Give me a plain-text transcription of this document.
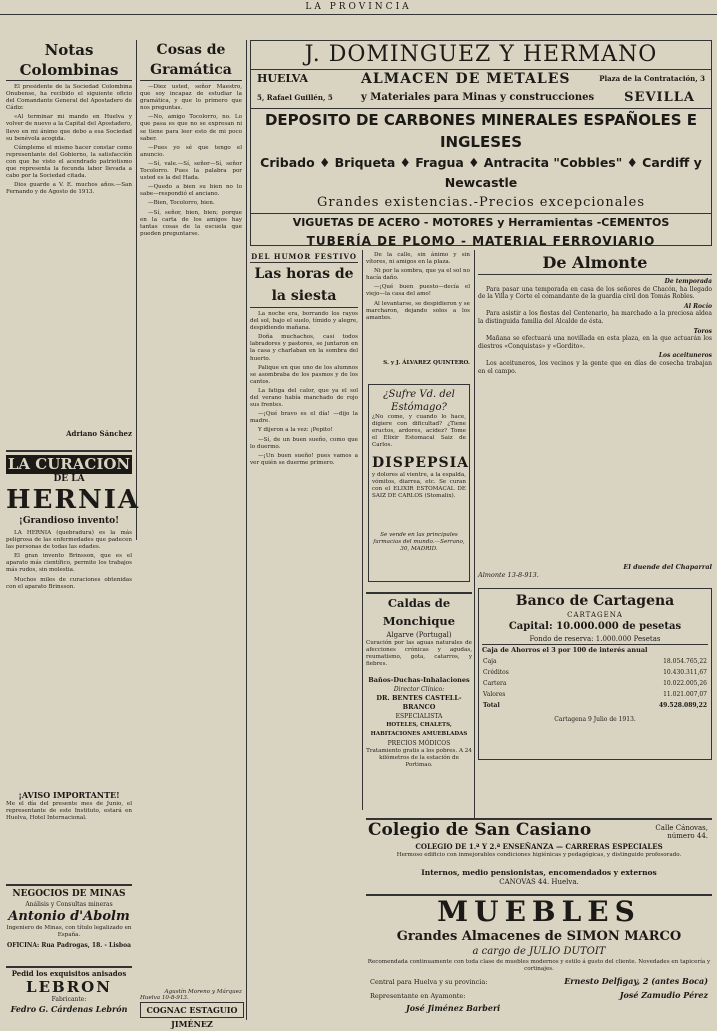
LA PROVINCIA
Notas Colombinas

El presidente de la Sociedad Colombina Onubense, ha recibido el siguiente oficio del Comandante General del Apostadero de Cádiz:

«Al terminar mi mando en Huelva y volver de nuevo a la Capital del Apostadero, llevo en mi ánimo que debo a esa Sociedad su benévola acogida.

Cúmpleme el mismo hacer constar como representante del Gobierno, la satisfacción con que he visto el acendrado patriotismo que representa la fecunda labor llevada a cabo por la Sociedad citada.

Dios guarde a V. E. muchos años.—San Fernando y de Agosto de 1913.

Adriano Sánchez
Cosas de Gramática

—Diez usted, señor Maestro, que soy incapaz de estudiar la gramática, y que lo primero que nos preguntas.

—No, amigo Tocolorro, no. Lo que pasa es que no se expresan ni se tiene para leer esto de mi poco saber.

—Pues yo sé que tengo el anuncio.

—Sí, vale.—Sí, señor—Sí, señor Tocolorro. Pues la palabra por usted es la del Hada.

—Quedo a bien su bien no lo sabe—respondió el anciano.

—Bien, Tocolorro, bien.

—Sí, señor, bien, bien; porque en la carta de los amigos hay tantas cosas de la escuela que pueden preguntarse.

Agustín Moreno y Márquez
Huelva 10-8-913.
COGNAC ESTAGUIO JIMÉNEZ
LA CURACION
DE LA
HERNIA
¡Grandioso invento!

LA HERNIA (quebradura) es la más peligrosa de las enfermedades que padecen las personas de todas las edades.

El gran invento Brinsson, que es el aparato más científico, permite los trabajos más rudos, sin molestia.

Muchos miles de curaciones obtenidas con el aparato Brinsson.

¡AVISO IMPORTANTE!
Me el día del presente mes de Junio, el representante de este Instituto, estará en Huelva, Hotel Internacional.
NEGOCIOS DE MINAS
Análisis y Consultas mineras
Antonio d'Abolm
Ingeniero de Minas, con título legalizado en España.
OFICINA: Rua Padrogas, 18. - Lisboa
Pedid los exquisitos anisados
LEBRON
Fabricante:
Fedro G. Cárdenas Lebrón
J. DOMINGUEZ Y HERMANO
HUELVA	ALMACEN DE METALES	Plaza de la Contratación, 3
5, Rafael Guillén, 5	y Materiales para Minas y construcciones SEVILLA
DEPOSITO DE CARBONES MINERALES ESPAÑOLES E INGLESES
Cribado ♦ Briqueta ♦ Fragua ♦ Antracita "Cobbles" ♦ Cardiff y Newcastle
Grandes existencias.-Precios excepcionales
VIGUETAS DE ACERO - MOTORES y Herramientas -CEMENTOS
TUBERÍA DE PLOMO - MATERIAL FERROVIARIO
DEL HUMOR FESTIVO
Las horas de la siesta

La noche era, borrando los rayos del sol, bajo el suelo, tímido y alegre, despidiendo mañana.

Doña muchachos, casi todos labradores y pastores, se juntaron en la casa y charlaban en la sombra del huerto.

Palique en que uno de los alumnos se asombraba de los pasmos y de los cantos.

La fatiga del calor, que ya el sol del verano había manchado de rojo sus frentes.

—¡Qué bravo es el día! —dijo la madre.

Y dijeron a la vez: ¡Pepito!

—Sí, de un buen sueño, como que lo duermo.

—¡Un buen sueño! pues vamos a ver quién se duerme primero.

De la calle, sin ánimo y sin vítores, ni amigos en la plaza.

Ni por la sombra, que ya el sol no hacía daño.

—¡Qué buen puesto—decía el viejo—la casa del amo!

Al levantarse, se despidieron y se marcharon, dejando solos a los amantes.

S. y J. ÁLVAREZ QUINTERO.
¿Sufre Vd. del Estómago?
¿No come, y cuando lo hace, digiere con dificultad? ¿Tiene eructos, ardores, acidez? Tome el Elixir Estomacal Saiz de Carlos.
DISPEPSIA
y dolores al vientre, a la espalda, vómitos, diarrea, etc. Se curan con el ELIXIR ESTOMACAL DE SAIZ DE CARLOS (Stomalix).
Se vende en las principales farmacias del mundo.—Serrano, 30, MADRID.
Caldas de Monchique
Algarve (Portugal)
Curación por las aguas naturales de afecciones crónicas y agudas, reumatismo, gota, catarros, y fiebres.
Baños-Duchas-Inhalaciones
Director Clínico:
DR. BENTES CASTELL-BRANCO
ESPECIALISTA
HOTELES, CHALETS, HABITACIONES AMUEBLADAS
PRECIOS MÓDICOS
Tratamiento gratis a los pobres. A 24 kilómetros de la estación de Portimao.
De Almonte
De temporada

Para pasar una temporada en casa de los señores de Chacón, ha llegado de la Villa y Corte el comandante de la guardia civil don Tomás Robles.

Al Rocío

Para asistir a los fiestas del Centenario, ha marchado a la preciosa aldea la distinguida familia del Alcalde de ésta.

Toros

Mañana se efectuará una novillada en esta plaza, en la que actuarán los diestros «Conquistas» y «Gordito».

Los aceituneros

Los aceituneros, los vecinos y la gente que en días de cosecha trabajan en el campo.

El duende del Chaparral
Almonte 13-8-913.
Banco de Cartagena
CARTAGENA
Capital: 10.000.000 de pesetas
Fondo de reserva: 1.000.000 Pesetas
Caja de Ahorros el 3 por 100 de interés anual
Caja	18.054.765,22
Créditos	10.430.311,67
Cartera	10.022.005,26
Valores	11.021.007,07
Total	49.528.089,22
Cartagena 9 Julio de 1913.
Colegio de San Casiano	Calle Cánovas, número 44.
COLEGIO DE 1.ª Y 2.ª ENSEÑANZA — CARRERAS ESPECIALES
Hermoso edificio con inmejorables condiciones higiénicas y pedagógicas, y distinguido profesorado.
Internos, medio pensionistas, encomendados y externos
CANOVAS 44. Huelva.
MUEBLES
Grandes Almacenes de SIMON MARCO
a cargo de JULIO DUTOIT
Recomendada continuamente con toda clase de muebles modernos y estilo á gusto del cliente. Novedades en tapicería y cortinajes.
Central para Huelva y su provincia:	Ernesto Delfigay, 2 (antes Boca)
Representante en Ayamonte:	José Zamudio Pérez
José Jiménez Barberi
